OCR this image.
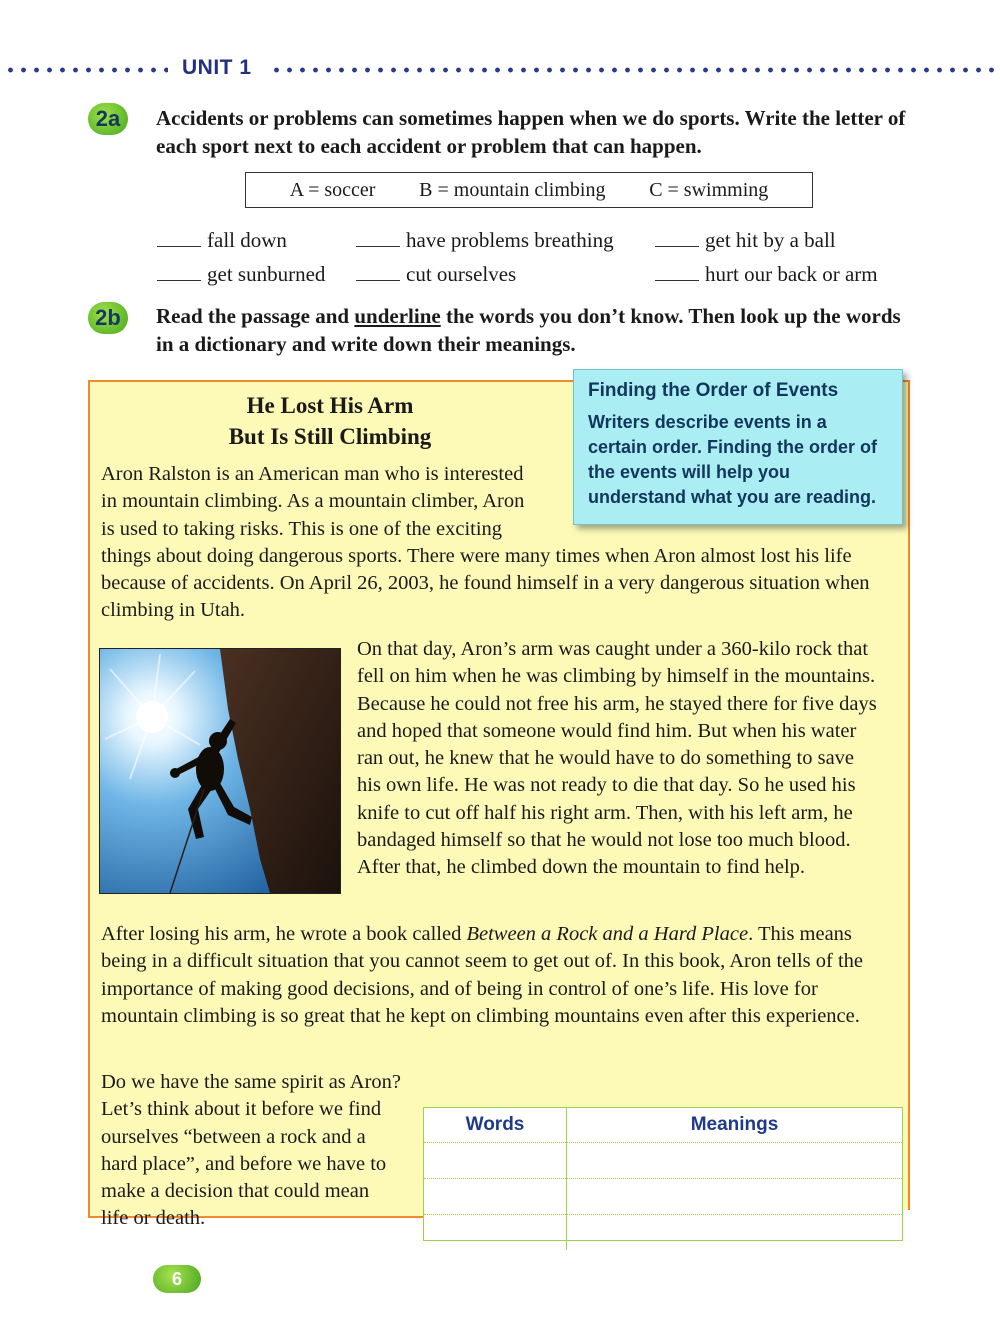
UNIT 1
2a	Accidents or problems can sometimes happen when we do sports. Write the letter of each sport next to each accident or problem that can happen.
A = soccer B = mountain climbing C = swimming
fall down	have problems breathing	get hit by a ball
get sunburned	cut ourselves	hurt our back or arm
2b	Read the passage and underline the words you don’t know. Then look up the words in a dictionary and write down their meanings.
Finding the Order of Events
Writers describe events in a certain order. Finding the order of the events will help you understand what you are reading.
He Lost His Arm
But Is Still Climbing
Aron Ralston is an American man who is interested in mountain climbing. As a mountain climber, Aron is used to taking risks. This is one of the exciting things about doing dangerous sports. There were many times when Aron almost lost his life because of accidents. On April 26, 2003, he found himself in a very dangerous situation when climbing in Utah.
On that day, Aron’s arm was caught under a 360-kilo rock that fell on him when he was climbing by himself in the mountains. Because he could not free his arm, he stayed there for five days and hoped that someone would find him. But when his water ran out, he knew that he would have to do something to save his own life. He was not ready to die that day. So he used his knife to cut off half his right arm. Then, with his left arm, he bandaged himself so that he would not lose too much blood. After that, he climbed down the mountain to find help.
After losing his arm, he wrote a book called Between a Rock and a Hard Place. This means being in a difficult situation that you cannot seem to get out of. In this book, Aron tells of the importance of making good decisions, and of being in control of one’s life. His love for mountain climbing is so great that he kept on climbing mountains even after this experience.
Do we have the same spirit as Aron? Let’s think about it before we find ourselves “between a rock and a hard place”, and before we have to make a decision that could mean life or death.
Words	Meanings

6
